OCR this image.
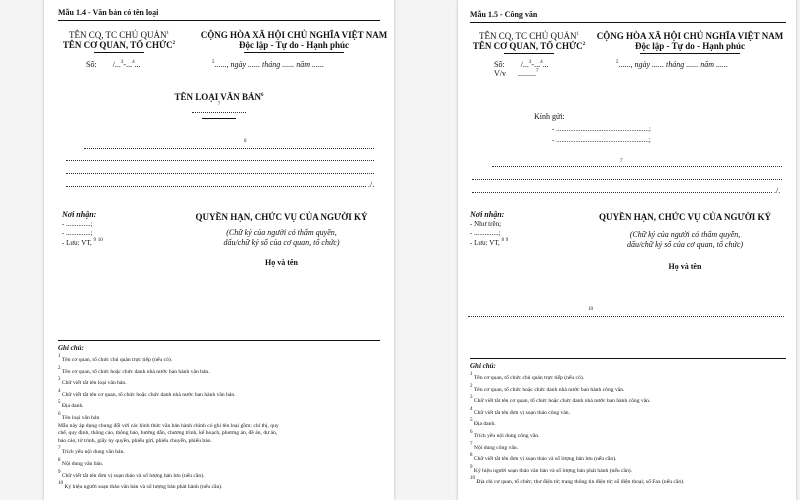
Mẫu 1.4 - Văn bản có tên loại
TÊN CQ, TC CHỦ QUẢN$^1$
TÊN CƠ QUAN, TỔ CHỨC$^2$
CỘNG HÒA XÃ HỘI CHỦ NGHĨA VIỆT NAM
Độc lập - Tự do - Hạnh phúc
Số: /...$^3$-...$^4$...	$^5$......, ngày ...... tháng ...... năm ......
TÊN LOẠI VĂN BẢN$^6$
$^7$
$^8$
./.
Nơi nhận:
- ..............;
- ..............;
- Lưu: VT, $^9$ $^{10}$
QUYỀN HẠN, CHỨC VỤ CỦA NGƯỜI KÝ
(Chữ ký của người có thẩm quyền,
dấu/chữ ký số của cơ quan, tổ chức)
Họ và tên
Ghi chú:
$^1$ Tên cơ quan, tổ chức chủ quản trực tiếp (nếu có).
$^2$ Tên cơ quan, tổ chức hoặc chức danh nhà nước ban hành văn bản.
$^3$ Chữ viết tắt tên loại văn bản.
$^4$ Chữ viết tắt tên cơ quan, tổ chức hoặc chức danh nhà nước ban hành văn bản.
$^5$ Địa danh.
$^6$ Tên loại văn bản
Mẫu này áp dụng chung đối với các hình thức văn bản hành chính có ghi tên loại gồm: chỉ thị, quy
chế, quy định, thông cáo, thông báo, hướng dẫn, chương trình, kế hoạch, phương án, đề án, dự án,
báo cáo, tờ trình, giấy ủy quyền, phiếu gửi, phiếu chuyển, phiếu báo.
$^7$ Trích yếu nội dung văn bản.
$^8$ Nội dung văn bản.
$^9$ Chữ viết tắt tên đơn vị soạn thảo và số lượng bản lưu (nếu cần).
$^{10}$ Ký hiệu người soạn thảo văn bản và số lượng bản phát hành (nếu cần).
Mẫu 1.5 - Công văn
TÊN CQ, TC CHỦ QUẢN$^1$
TÊN CƠ QUAN, TỔ CHỨC$^2$
CỘNG HÒA XÃ HỘI CHỦ NGHĨA VIỆT NAM
Độc lập - Tự do - Hạnh phúc
Số: /...$^3$-...$^4$...
V/v .........$^7$
$^5$......, ngày ...... tháng ...... năm ......
Kính gửi:
- .....................................................;
- .....................................................;
$^7$
./.
Nơi nhận:
- Như trên;
- ..............;
- Lưu: VT, $^8$ $^9$
QUYỀN HẠN, CHỨC VỤ CỦA NGƯỜI KÝ
(Chữ ký của người có thẩm quyền,
dấu/chữ ký số của cơ quan, tổ chức)
Họ và tên
$^{10}$
Ghi chú:
$^1$ Tên cơ quan, tổ chức chủ quản trực tiếp (nếu có).
$^2$ Tên cơ quan, tổ chức hoặc chức danh nhà nước ban hành công văn.
$^3$ Chữ viết tắt tên cơ quan, tổ chức hoặc chức danh nhà nước ban hành công văn.
$^4$ Chữ viết tắt tên đơn vị soạn thảo công văn.
$^5$ Địa danh.
$^6$ Trích yếu nội dung công văn.
$^7$ Nội dung công văn.
$^8$ Chữ viết tắt tên đơn vị soạn thảo và số lượng bản lưu (nếu cần).
$^9$ Ký hiệu người soạn thảo văn bản và số lượng bản phát hành (nếu cần).
$^{10}$ Địa chỉ cơ quan, tổ chức; thư điện tử; trang thông tin điện tử; số điện thoại; số Fax (nếu cần).
